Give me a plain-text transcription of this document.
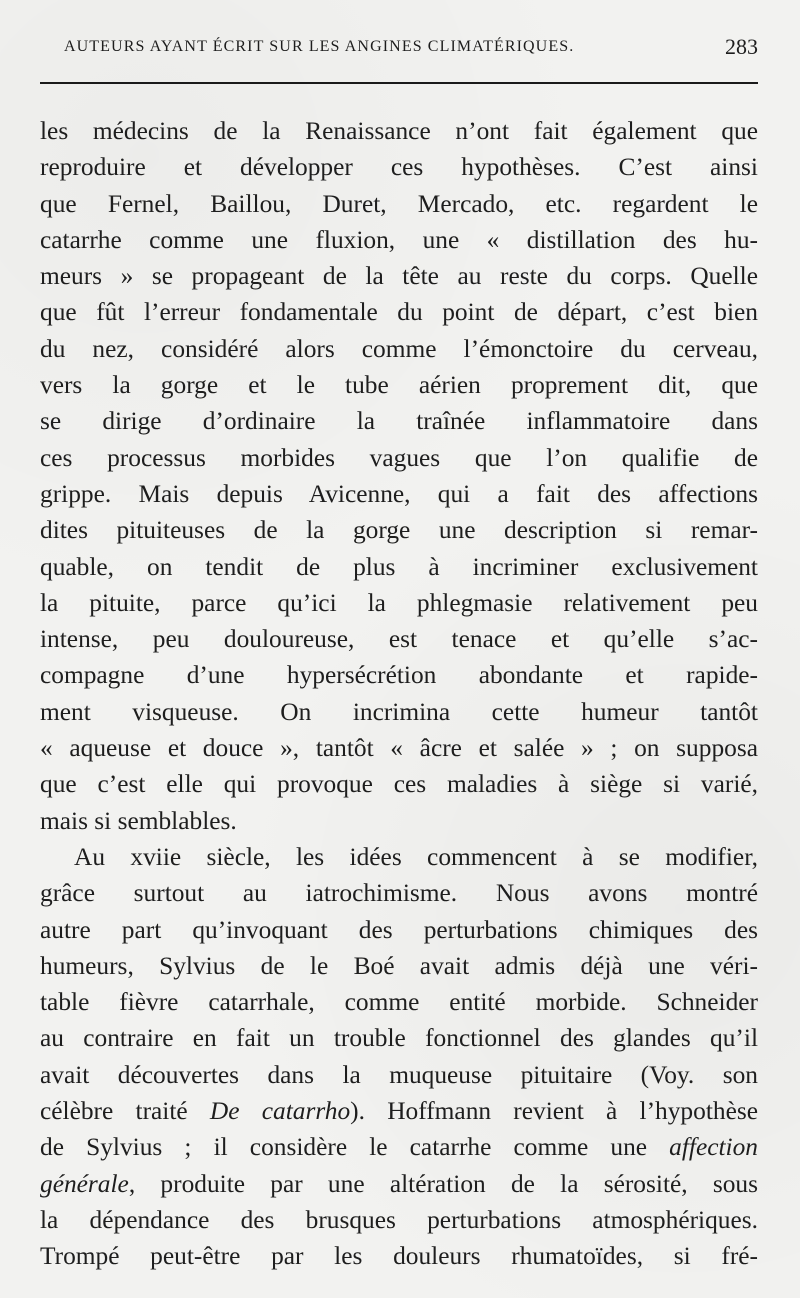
AUTEURS AYANT ÉCRIT SUR LES ANGINES CLIMATÉRIQUES.	283
les médecins de la Renaissance n’ont fait également que
reproduire et développer ces hypothèses. C’est ainsi
que Fernel, Baillou, Duret, Mercado, etc. regardent le
catarrhe comme une fluxion, une « distillation des hu-
meurs » se propageant de la tête au reste du corps. Quelle
que fût l’erreur fondamentale du point de départ, c’est bien
du nez, considéré alors comme l’émonctoire du cerveau,
vers la gorge et le tube aérien proprement dit, que
se dirige d’ordinaire la traînée inflammatoire dans
ces processus morbides vagues que l’on qualifie de
grippe. Mais depuis Avicenne, qui a fait des affections
dites pituiteuses de la gorge une description si remar-
quable, on tendit de plus à incriminer exclusivement
la pituite, parce qu’ici la phlegmasie relativement peu
intense, peu douloureuse, est tenace et qu’elle s’ac-
compagne d’une hypersécrétion abondante et rapide-
ment visqueuse. On incrimina cette humeur tantôt
« aqueuse et douce », tantôt « âcre et salée » ; on supposa
que c’est elle qui provoque ces maladies à siège si varié,
mais si semblables.
Au xviie siècle, les idées commencent à se modifier,
grâce surtout au iatrochimisme. Nous avons montré
autre part qu’invoquant des perturbations chimiques des
humeurs, Sylvius de le Boé avait admis déjà une véri-
table fièvre catarrhale, comme entité morbide. Schneider
au contraire en fait un trouble fonctionnel des glandes qu’il
avait découvertes dans la muqueuse pituitaire (Voy. son
célèbre traité De catarrho). Hoffmann revient à l’hypothèse
de Sylvius ; il considère le catarrhe comme une affection
générale, produite par une altération de la sérosité, sous
la dépendance des brusques perturbations atmosphériques.
Trompé peut-être par les douleurs rhumatoïdes, si fré-
